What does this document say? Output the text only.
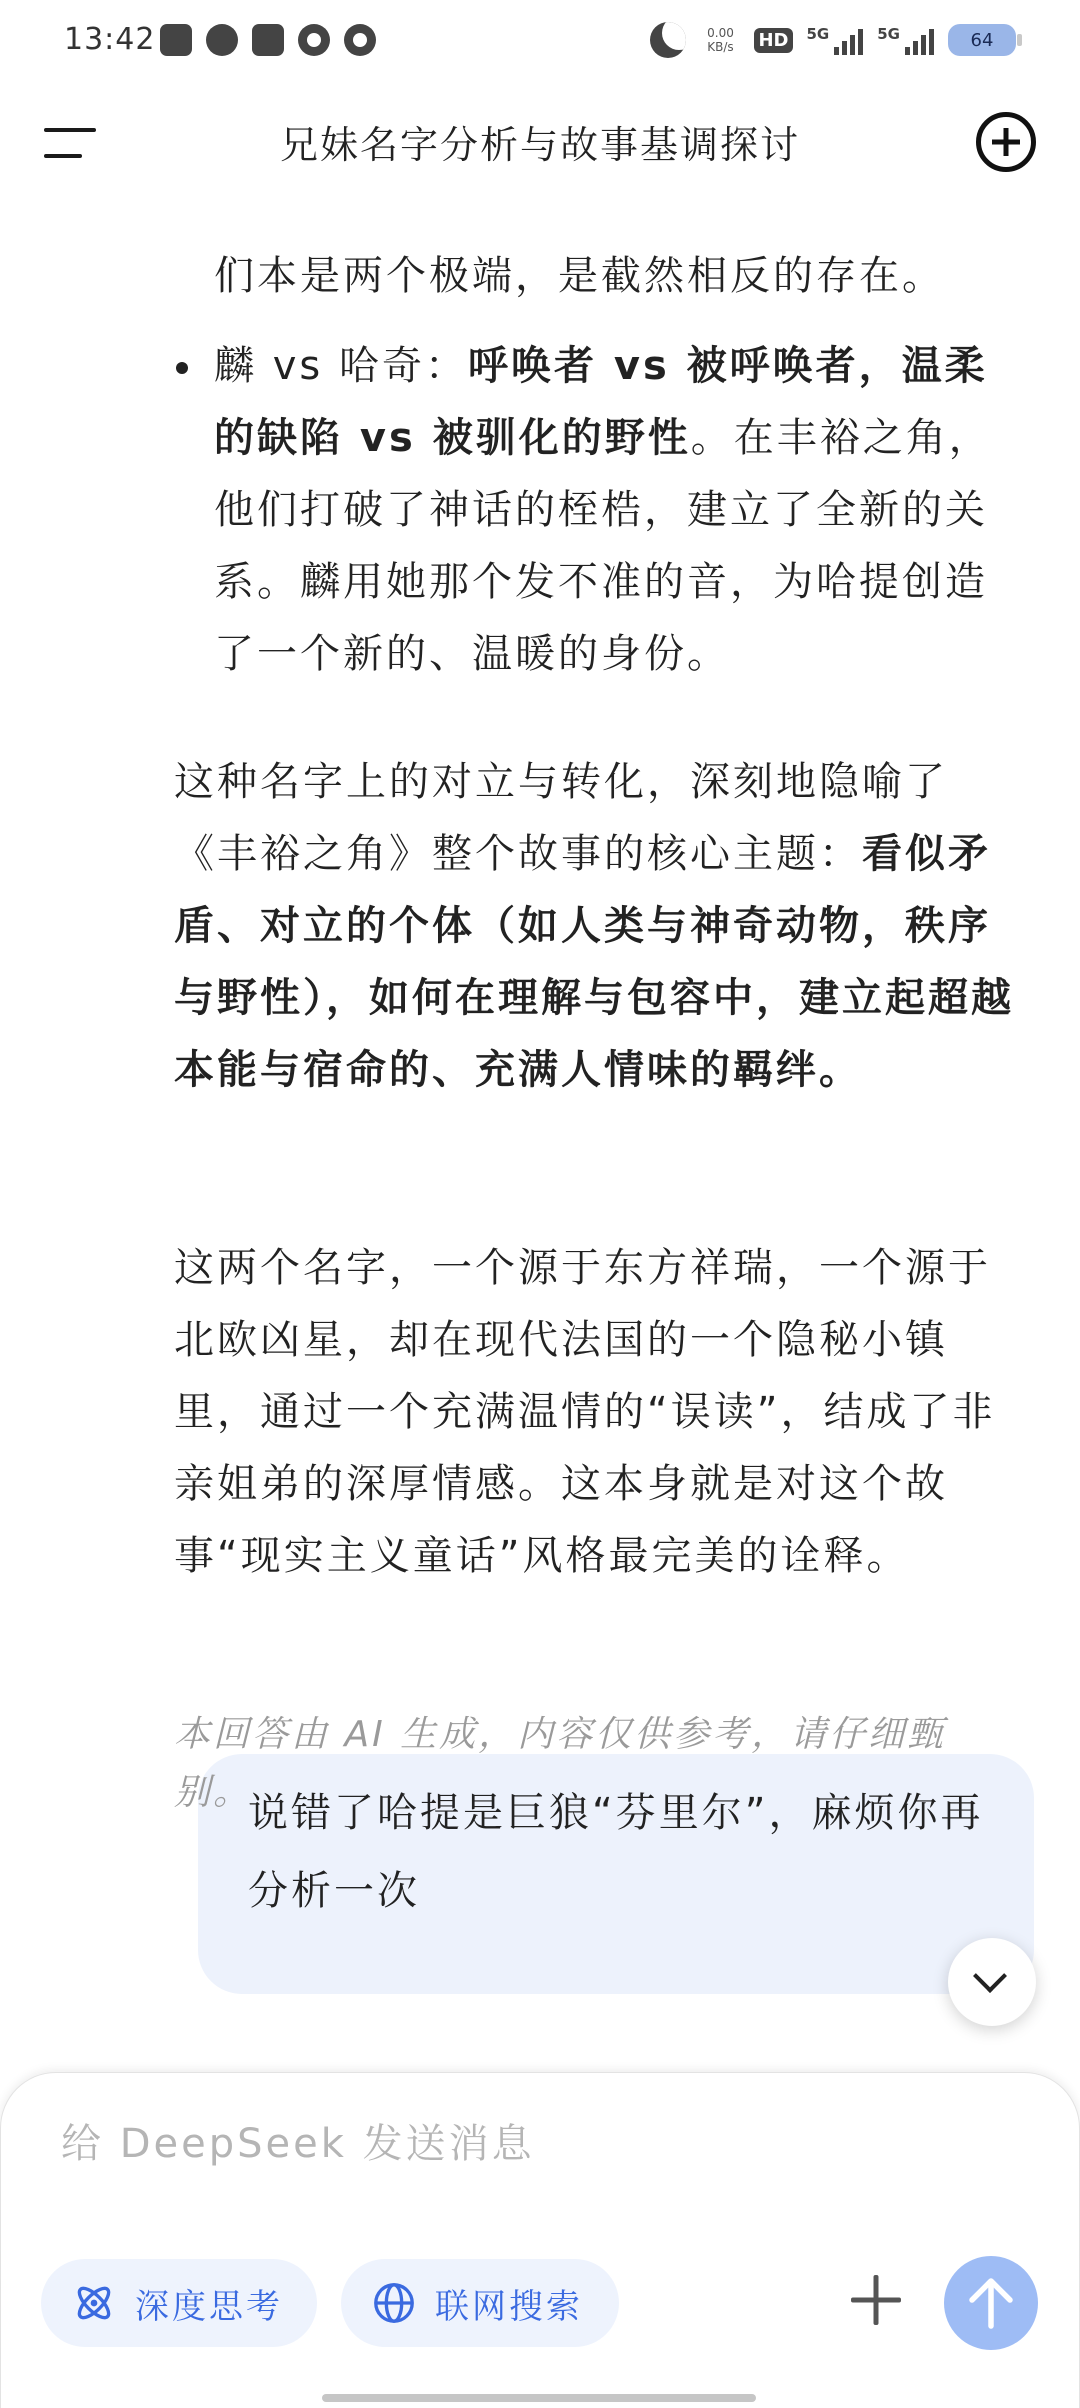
13:42	0.00
KB/s	HD 5G	5G	64
兄妹名字分析与故事基调探讨
们本是两个极端，是截然相反的存在。
麟 vs 哈奇：呼唤者 vs 被呼唤者，温柔的缺陷 vs 被驯化的野性。在丰裕之角，他们打破了神话的桎梏，建立了全新的关系。麟用她那个发不准的音，为哈提创造了一个新的、温暖的身份。
这种名字上的对立与转化，深刻地隐喻了《丰裕之角》整个故事的核心主题：看似矛盾、对立的个体（如人类与神奇动物，秩序与野性），如何在理解与包容中，建立起超越本能与宿命的、充满人情味的羁绊。
这两个名字，一个源于东方祥瑞，一个源于北欧凶星，却在现代法国的一个隐秘小镇里，通过一个充满温情的“误读”，结成了非亲姐弟的深厚情感。这本身就是对这个故事“现实主义童话”风格最完美的诠释。
本回答由 AI 生成，内容仅供参考，请仔细甄别。
说错了哈提是巨狼“芬里尔”，麻烦你再分析一次
给 DeepSeek 发送消息
深度思考	联网搜索
